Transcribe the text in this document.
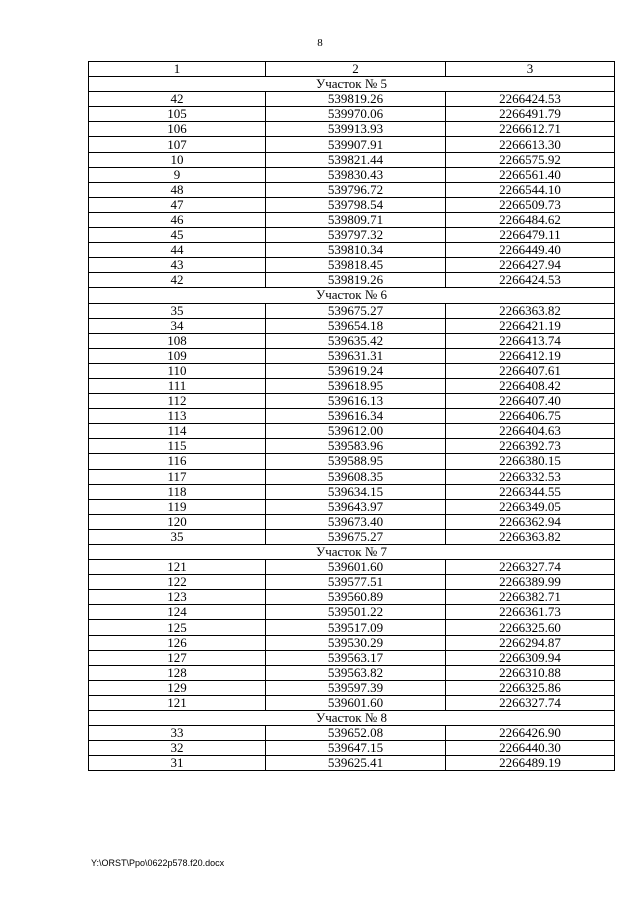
8
1	2	3
Участок № 5		
42	539819.26	2266424.53
105	539970.06	2266491.79
106	539913.93	2266612.71
107	539907.91	2266613.30
10	539821.44	2266575.92
9	539830.43	2266561.40
48	539796.72	2266544.10
47	539798.54	2266509.73
46	539809.71	2266484.62
45	539797.32	2266479.11
44	539810.34	2266449.40
43	539818.45	2266427.94
42	539819.26	2266424.53
Участок № 6		
35	539675.27	2266363.82
34	539654.18	2266421.19
108	539635.42	2266413.74
109	539631.31	2266412.19
110	539619.24	2266407.61
111	539618.95	2266408.42
112	539616.13	2266407.40
113	539616.34	2266406.75
114	539612.00	2266404.63
115	539583.96	2266392.73
116	539588.95	2266380.15
117	539608.35	2266332.53
118	539634.15	2266344.55
119	539643.97	2266349.05
120	539673.40	2266362.94
35	539675.27	2266363.82
Участок № 7		
121	539601.60	2266327.74
122	539577.51	2266389.99
123	539560.89	2266382.71
124	539501.22	2266361.73
125	539517.09	2266325.60
126	539530.29	2266294.87
127	539563.17	2266309.94
128	539563.82	2266310.88
129	539597.39	2266325.86
121	539601.60	2266327.74
Участок № 8		
33	539652.08	2266426.90
32	539647.15	2266440.30
31	539625.41	2266489.19
Y:\ORST\Ppo\0622p578.f20.docx
